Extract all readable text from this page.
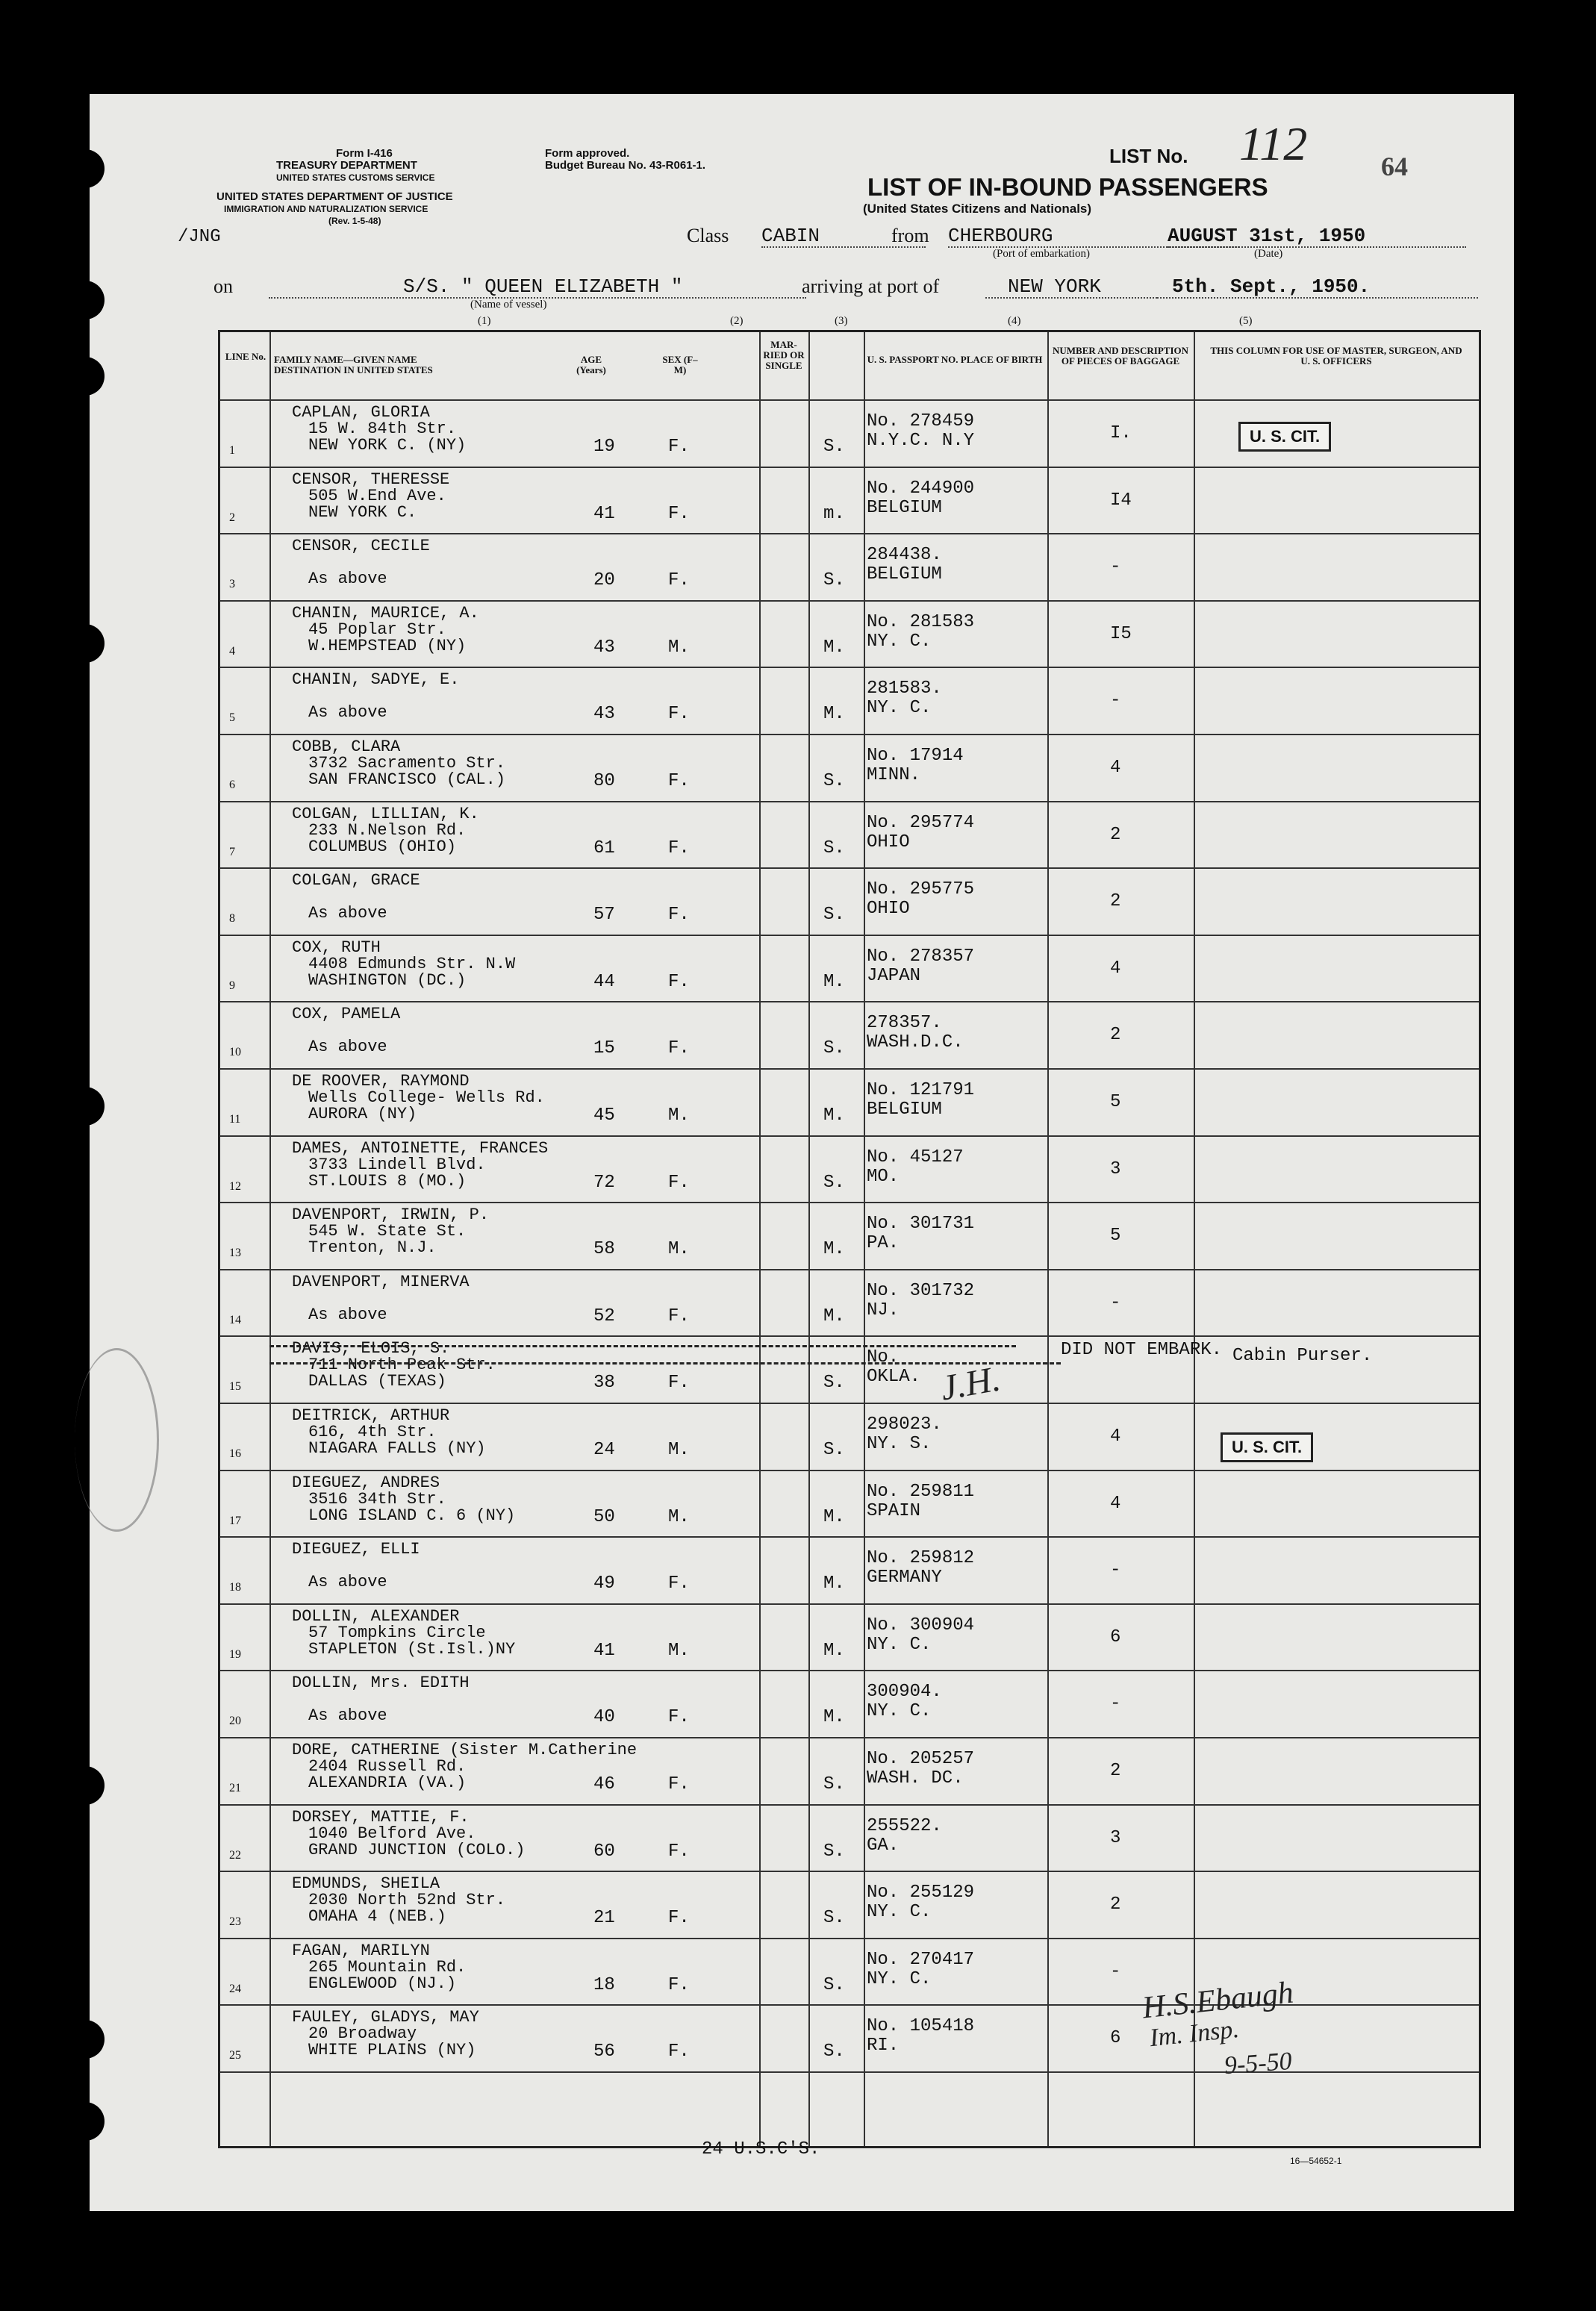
Form I-416
TREASURY DEPARTMENT
UNITED STATES CUSTOMS SERVICE
UNITED STATES DEPARTMENT OF JUSTICE
IMMIGRATION AND NATURALIZATION SERVICE
(Rev. 1-5-48)
Form approved.
Budget Bureau No. 43-R061-1.
/JNG
LIST No. 112	64
LIST OF IN-BOUND PASSENGERS
(United States Citizens and Nationals)
Class CABIN	from CHERBOURG
(Port of embarkation)
AUGUST 31st, 1950
(Date)
on	S/S. " QUEEN ELIZABETH "
(Name of vessel)
arriving at port of	NEW YORK	5th. Sept., 1950.
(1)	(2)	(3)	(4)	(5)
LINE No. FAMILY NAME—GIVEN NAME DESTINATION IN UNITED STATES
AGE (Years)
SEX (F–M)
MAR-RIED OR SINGLE
U. S. PASSPORT NO. PLACE OF BIRTH
NUMBER AND DESCRIPTION OF PIECES OF BAGGAGE
THIS COLUMN FOR USE OF MASTER, SURGEON, AND U. S. OFFICERS
1
CAPLAN, GLORIA
15 W. 84th Str.
NEW YORK C. (NY)	19	F.	S.
No. 278459
N.Y.C. N.Y	I.	U. S. CIT.
2
CENSOR, THERESSE
505 W.End Ave.
NEW YORK C.	41	F.	m.
No. 244900
BELGIUM	I4
3
CENSOR, CECILE
As above	20	F.	S.
284438.
BELGIUM	-
4
CHANIN, MAURICE, A.
45 Poplar Str.
W.HEMPSTEAD (NY)	43	M.	M.
No. 281583
NY. C.	I5
5
CHANIN, SADYE, E.
As above	43	F.	M.
281583.
NY. C.	-
6
COBB, CLARA
3732 Sacramento Str.
SAN FRANCISCO (CAL.)	80	F.	S.
No. 17914
MINN.	4
7
COLGAN, LILLIAN, K.
233 N.Nelson Rd.
COLUMBUS (OHIO)	61	F.	S.
No. 295774
OHIO	2
8
COLGAN, GRACE
As above	57	F.	S.
No. 295775
OHIO	2
9
COX, RUTH
4408 Edmunds Str. N.W
WASHINGTON (DC.)	44	F.	M.
No. 278357
JAPAN	4
10
COX, PAMELA
As above	15	F.	S.
278357.
WASH.D.C.	2
11
DE ROOVER, RAYMOND
Wells College- Wells Rd.
AURORA (NY)	45	M.	M.
No. 121791
BELGIUM	5
12
DAMES, ANTOINETTE, FRANCES
3733 Lindell Blvd.
ST.LOUIS 8 (MO.)	72	F.	S.
No. 45127
MO.	3
13
DAVENPORT, IRWIN, P.
545 W. State St.
Trenton, N.J.	58	M.	M.
No. 301731
PA.	5
14
DAVENPORT, MINERVA
As above	52	F.	M.
No. 301732
NJ.	-
15
DAVIS, ELOIS, S.
711 North Peak Str.
DALLAS (TEXAS)	38	F.	S.
No.
OKLA.
DID NOT EMBARK. Cabin Purser.
16
DEITRICK, ARTHUR
616, 4th Str.
NIAGARA FALLS (NY)	24	M.	S.
298023.
NY. S.	4
U. S. CIT.
17
DIEGUEZ, ANDRES
3516 34th Str.
LONG ISLAND C. 6 (NY)	50	M.	M.
No. 259811
SPAIN	4
18
DIEGUEZ, ELLI
As above	49	F.	M.
No. 259812
GERMANY	-
19
DOLLIN, ALEXANDER
57 Tompkins Circle
STAPLETON (St.Isl.)NY	41	M.	M.
No. 300904
NY. C.	6
20
DOLLIN, Mrs. EDITH
As above	40	F.	M.
300904.
NY. C.	-
21
DORE, CATHERINE (Sister M.Catherine
2404 Russell Rd.
ALEXANDRIA (VA.)	46	F.	S.
No. 205257
WASH. DC.	2
22
DORSEY, MATTIE, F.
1040 Belford Ave.
GRAND JUNCTION (COLO.)	60	F.	S.
255522.
GA.	3
23
EDMUNDS, SHEILA
2030 North 52nd Str.
OMAHA 4 (NEB.)	21	F.	S.
No. 255129
NY. C.	2
24
FAGAN, MARILYN
265 Mountain Rd.
ENGLEWOOD (NJ.)	18	F.	S.
No. 270417
NY. C.	-
25
FAULEY, GLADYS, MAY
20 Broadway
WHITE PLAINS (NY)	56	F.	S.
No. 105418
RI.	6
J.H.
H.S.Ebaugh
Im. Insp.
9-5-50
24 U.S.C'S.
16—54652-1
